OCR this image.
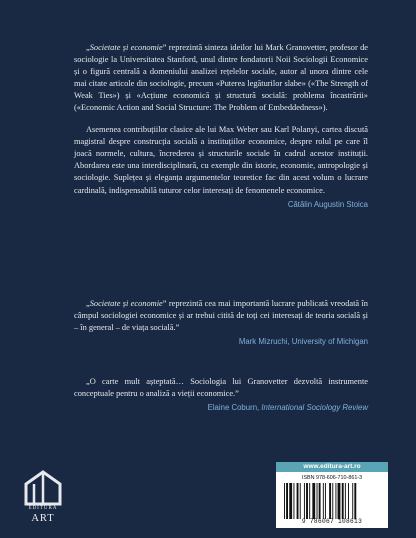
„Societate și economie” reprezintă sinteza ideilor lui Mark Granovetter, profesor de sociologie la Universitatea Stanford, unul dintre fondatorii Noii Sociologii Economice și o figură centrală a domeniului analizei rețelelor sociale, autor al unora dintre cele mai citate articole din sociologie, precum «Puterea legăturilor slabe» («The Strength of Weak Ties») și «Acțiune economică și structură socială: problema încastrării» («Economic Action and Social Structure: The Problem of Embeddedness»).

Asemenea contribuțiilor clasice ale lui Max Weber sau Karl Polanyi, cartea discută magistral despre construcția socială a instituțiilor economice, despre rolul pe care îl joacă normele, cultura, încrederea și structurile sociale în cadrul acestor instituții. Abordarea este una interdisciplinară, cu exemple din istorie, economie, antropologie și sociologie. Suplețea și eleganța argumentelor teoretice fac din acest volum o lucrare cardinală, indispensabilă tuturor celor interesați de fenomenele economice.

Cătălin Augustin Stoica

„Societate și economie” reprezintă cea mai importantă lucrare publicată vreodată în câmpul sociologiei economice și ar trebui citită de toți cei interesați de teoria socială și – în general – de viața socială.”

Mark Mizruchi, University of Michigan

„O carte mult așteptată… Sociologia lui Granovetter dezvoltă instrumente conceptuale pentru o analiză a vieții economice.”

Elaine Coburn, International Sociology Review

EDITURA
ART
www.editura-art.ro
ISBN 978-606-710-861-3
9 786067 108613
